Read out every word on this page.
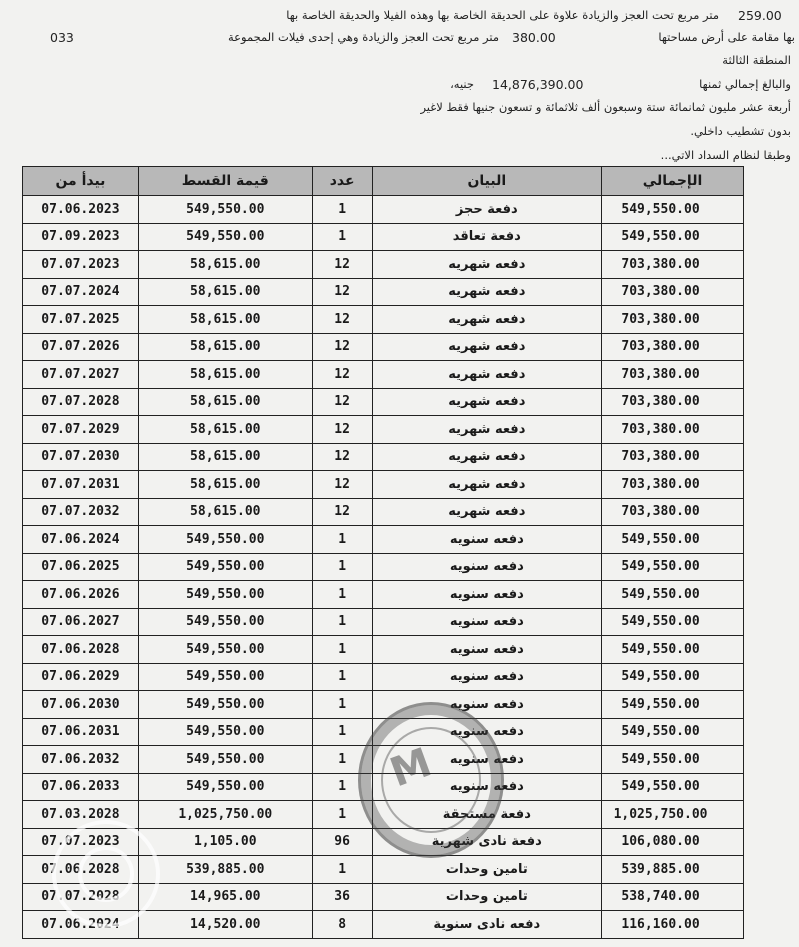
259.00
متر مربع تحت العجز والزيادة علاوة على الحديقة الخاصة بها وهذه الفيلا والحديقة الخاصة بها
033	متر مربع تحت العجز والزيادة وهي إحدى فيلات المجموعة 380.00	بها مقامة على أرض مساحتها
المنطقة الثالثة
والبالغ إجمالي ثمنها
14,876,390.00
جنيه،
أربعة عشر مليون ثمانمائة ستة وسبعون ألف ثلاثمائة و تسعون جنيها فقط لاغير
بدون تشطيب داخلي.
وطبقا لنظام السداد الاتي...
بيدأ من	قيمة القسط	عدد	البيان	الإجمالي
07.06.2023	549,550.00	1	دفعة حجز	549,550.00
07.09.2023	549,550.00	1	دفعة تعاقد	549,550.00
07.07.2023	58,615.00	12	دفعه شهريه	703,380.00
07.07.2024	58,615.00	12	دفعه شهريه	703,380.00
07.07.2025	58,615.00	12	دفعه شهريه	703,380.00
07.07.2026	58,615.00	12	دفعه شهريه	703,380.00
07.07.2027	58,615.00	12	دفعه شهريه	703,380.00
07.07.2028	58,615.00	12	دفعه شهريه	703,380.00
07.07.2029	58,615.00	12	دفعه شهريه	703,380.00
07.07.2030	58,615.00	12	دفعه شهريه	703,380.00
07.07.2031	58,615.00	12	دفعه شهريه	703,380.00
07.07.2032	58,615.00	12	دفعه شهريه	703,380.00
07.06.2024	549,550.00	1	دفعه سنويه	549,550.00
07.06.2025	549,550.00	1	دفعه سنويه	549,550.00
07.06.2026	549,550.00	1	دفعه سنويه	549,550.00
07.06.2027	549,550.00	1	دفعه سنويه	549,550.00
07.06.2028	549,550.00	1	دفعه سنويه	549,550.00
07.06.2029	549,550.00	1	دفعه سنويه	549,550.00
07.06.2030	549,550.00	1	دفعه سنويه	549,550.00
07.06.2031	549,550.00	1	دفعه سنويه	549,550.00
07.06.2032	549,550.00	1	دفعه سنويه	549,550.00
07.06.2033	549,550.00	1	دفعه سنويه	549,550.00
07.03.2028	1,025,750.00	1	دفعة مستحقة	1,025,750.00
07.07.2023	1,105.00	96	دفعة نادى شهرية	106,080.00
07.06.2028	539,885.00	1	تامين وحدات	539,885.00
07.07.2028	14,965.00	36	تامين وحدات	538,740.00
07.06.2024	14,520.00	8	دفعه نادى سنوية	116,160.00
M
